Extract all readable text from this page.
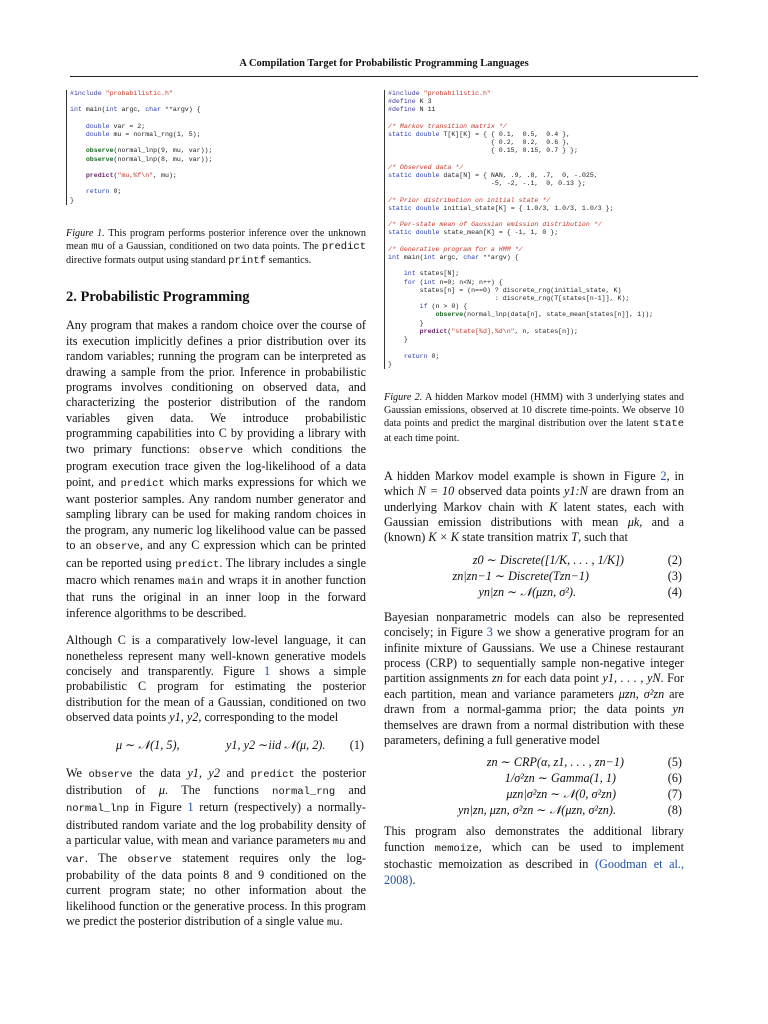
A Compilation Target for Probabilistic Programming Languages
#include "probabilistic.h"

int main(int argc, char **argv) {

double var = 2;
double mu = normal_rng(1, 5);

observe(normal_lnp(9, mu, var));
observe(normal_lnp(8, mu, var));

predict("mu,%f\n", mu);

return 0;
}

Figure 1. This program performs posterior inference over the unknown mean mu of a Gaussian, conditioned on two data points. The predict directive formats output using standard printf semantics.

2. Probabilistic Programming

Any program that makes a random choice over the course of its execution implicitly defines a prior distribution over its random variables; running the program can be interpreted as drawing a sample from the prior. Inference in probabilistic programs involves conditioning on observed data, and characterizing the posterior distribution of the random variables given data. We introduce probabilistic programming capabilities into C by providing a library with two primary functions: observe which conditions the program execution trace given the log-likelihood of a data point, and predict which marks expressions for which we want posterior samples. Any random number generator and sampling library can be used for making random choices in the program, any numeric log likelihood value can be passed to an observe, and any C expression which can be printed can be reported using predict. The library includes a single macro which renames main and wraps it in another function that runs the original in an inner loop in the forward inference algorithms to be described.

Although C is a comparatively low-level language, it can nonetheless represent many well-known generative models concisely and transparently. Figure 1 shows a simple probabilistic C program for estimating the posterior distribution for the mean of a Gaussian, conditioned on two observed data points y1, y2, corresponding to the model

μ ∼ 𝒩(1, 5),	y1, y2 ∼iid 𝒩(μ, 2). (1)

We observe the data y1, y2 and predict the posterior distribution of μ. The functions normal_rng and normal_lnp in Figure 1 return (respectively) a normally-distributed random variate and the log probability density of a particular value, with mean and variance parameters mu and var. The observe statement requires only the log-probability of the data points 8 and 9 conditioned on the current program state; no other information about the likelihood function or the generative process. In this program we predict the posterior distribution of a single value mu.

#include "probabilistic.h"
#define K 3
#define N 11

/* Markov transition matrix */
static double T[K][K] = { { 0.1,  0.5,  0.4 },
{ 0.2,  0.2,  0.6 },
{ 0.15, 0.15, 0.7 } };

/* Observed data */
static double data[N] = { NAN, .9, .8, .7,  0, -.025,
-5, -2, -.1,  0, 0.13 };

/* Prior distribution on initial state */
static double initial_state[K] = { 1.0/3, 1.0/3, 1.0/3 };

/* Per-state mean of Gaussian emission distribution */
static double state_mean[K] = { -1, 1, 0 };

/* Generative program for a HMM */
int main(int argc, char **argv) {

int states[N];
for (int n=0; n<N; n++) {
states[n] = (n==0) ? discrete_rng(initial_state, K)
: discrete_rng(T[states[n-1]], K);
if (n > 0) {
observe(normal_lnp(data[n], state_mean[states[n]], 1));
}
predict("state[%d],%d\n", n, states[n]);
}

return 0;
}

Figure 2. A hidden Markov model (HMM) with 3 underlying states and Gaussian emissions, observed at 10 discrete time-points. We observe 10 data points and predict the marginal distribution over the latent state at each time point.

A hidden Markov model example is shown in Figure 2, in which N = 10 observed data points y1:N are drawn from an underlying Markov chain with K latent states, each with Gaussian emission distributions with mean μk, and a (known) K × K state transition matrix T, such that

z0 ∼ Discrete([1/K, . . . , 1/K])	(2)
zn|zn−1 ∼ Discrete(Tzn−1)	(3)
yn|zn ∼ 𝒩(μzn, σ²).	(4)

Bayesian nonparametric models can also be represented concisely; in Figure 3 we show a generative program for an infinite mixture of Gaussians. We use a Chinese restaurant process (CRP) to sequentially sample non-negative integer partition assignments zn for each data point y1, . . . , yN. For each partition, mean and variance parameters μzn, σ²zn are drawn from a normal-gamma prior; the data points yn themselves are drawn from a normal distribution with these parameters, defining a full generative model

zn ∼ CRP(α, z1, . . . , zn−1)	(5)
1/σ²zn ∼ Gamma(1, 1)	(6)
μzn|σ²zn ∼ 𝒩(0, σ²zn)	(7)
yn|zn, μzn, σ²zn ∼ 𝒩(μzn, σ²zn).	(8)

This program also demonstrates the additional library function memoize, which can be used to implement stochastic memoization as described in (Goodman et al., 2008).
